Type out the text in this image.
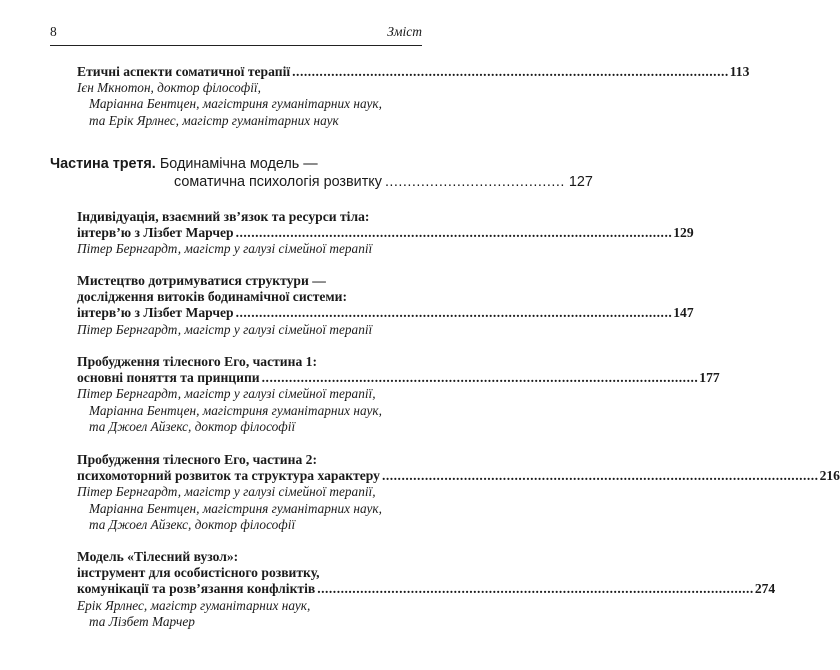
8	Зміст
Етичні аспекти соматичної терапії ................................................................................................................ 113
Ієн Мкнотон, доктор філософії,
Маріанна Бентцен, магістриня гуманітарних наук,
та Ерік Ярлнес, магістр гуманітарних наук
Частина третя. Бодинамічна модель —
соматична психологія розвитку ........................................ 127
Індивідуація, взаємний зв’язок та ресурси тіла:
інтерв’ю з Лізбет Марчер ................................................................................................................ 129
Пітер Бернгардт, магістр у галузі сімейної терапії
Мистецтво дотримуватися структури —
дослідження витоків бодинамічної системи:
інтерв’ю з Лізбет Марчер ................................................................................................................ 147
Пітер Бернгардт, магістр у галузі сімейної терапії
Пробудження тілесного Его, частина 1:
основні поняття та принципи ................................................................................................................ 177
Пітер Бернгардт, магістр у галузі сімейної терапії,
Маріанна Бентцен, магістриня гуманітарних наук,
та Джоел Айзекс, доктор філософії
Пробудження тілесного Его, частина 2:
психомоторний розвиток та структура характеру ................................................................................................................ 216
Пітер Бернгардт, магістр у галузі сімейної терапії,
Маріанна Бентцен, магістриня гуманітарних наук,
та Джоел Айзекс, доктор філософії
Модель «Тілесний вузол»:
інструмент для особистісного розвитку,
комунікації та розв’язання конфліктів ................................................................................................................ 274
Ерік Ярлнес, магістр гуманітарних наук,
та Лізбет Марчер
